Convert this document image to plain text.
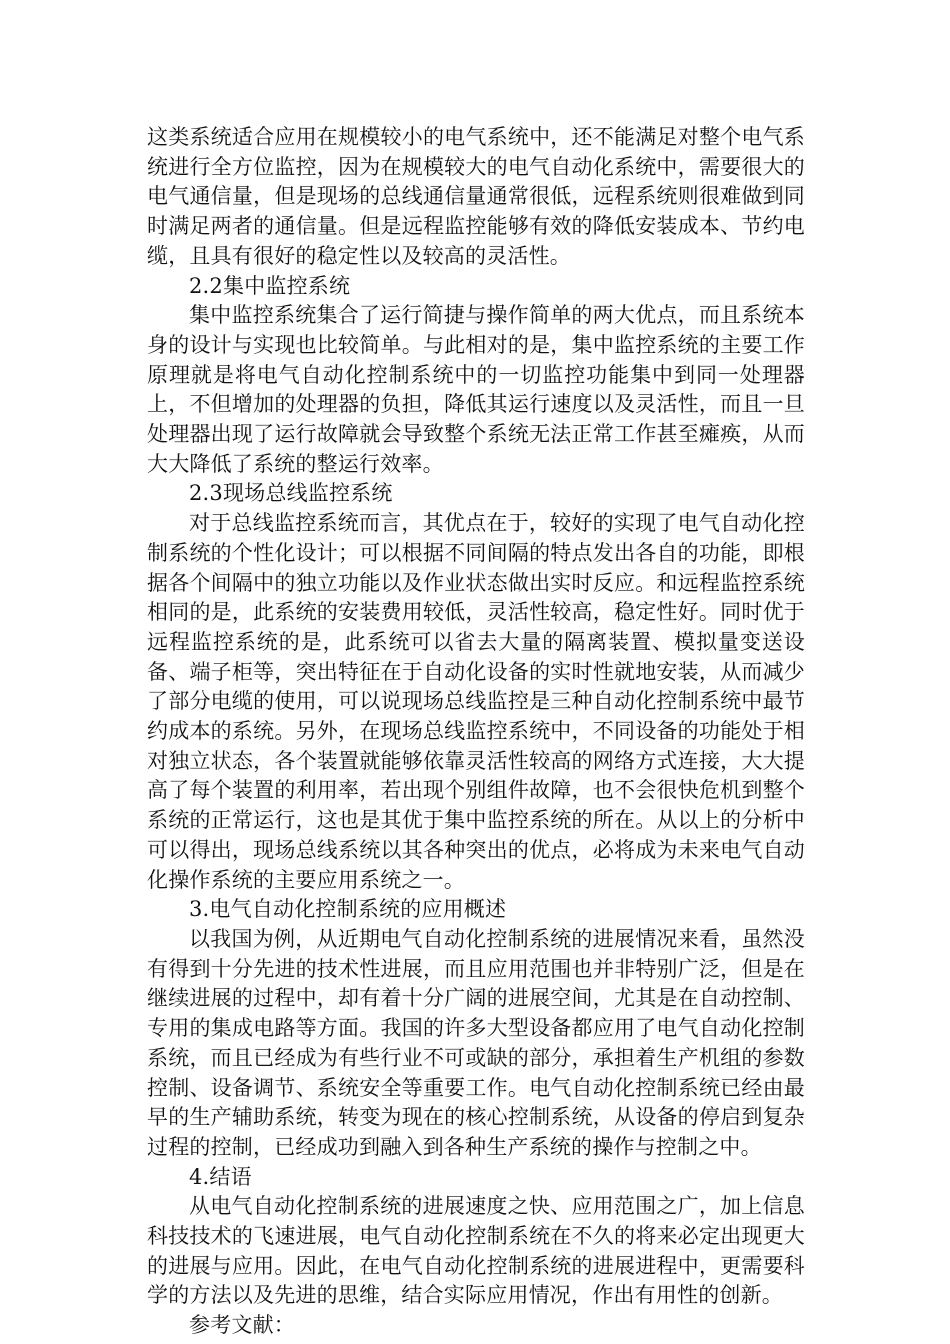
这类系统适合应用在规模较小的电气系统中，还不能满足对整个电气系统进行全方位监控，因为在规模较大的电气自动化系统中，需要很大的电气通信量，但是现场的总线通信量通常很低，远程系统则很难做到同时满足两者的通信量。但是远程监控能够有效的降低安装成本、节约电缆，且具有很好的稳定性以及较高的灵活性。

2.2集中监控系统

集中监控系统集合了运行简捷与操作简单的两大优点，而且系统本身的设计与实现也比较简单。与此相对的是，集中监控系统的主要工作原理就是将电气自动化控制系统中的一切监控功能集中到同一处理器上，不但增加的处理器的负担，降低其运行速度以及灵活性，而且一旦处理器出现了运行故障就会导致整个系统无法正常工作甚至瘫痪，从而大大降低了系统的整运行效率。

2.3现场总线监控系统

对于总线监控系统而言，其优点在于，较好的实现了电气自动化控制系统的个性化设计；可以根据不同间隔的特点发出各自的功能，即根据各个间隔中的独立功能以及作业状态做出实时反应。和远程监控系统相同的是，此系统的安装费用较低，灵活性较高，稳定性好。同时优于远程监控系统的是，此系统可以省去大量的隔离装置、模拟量变送设备、端子柜等，突出特征在于自动化设备的实时性就地安装，从而减少了部分电缆的使用，可以说现场总线监控是三种自动化控制系统中最节约成本的系统。另外，在现场总线监控系统中，不同设备的功能处于相对独立状态，各个装置就能够依靠灵活性较高的网络方式连接，大大提高了每个装置的利用率，若出现个别组件故障，也不会很快危机到整个系统的正常运行，这也是其优于集中监控系统的所在。从以上的分析中可以得出，现场总线系统以其各种突出的优点，必将成为未来电气自动化操作系统的主要应用系统之一。

3.电气自动化控制系统的应用概述

以我国为例，从近期电气自动化控制系统的进展情况来看，虽然没有得到十分先进的技术性进展，而且应用范围也并非特别广泛，但是在继续进展的过程中，却有着十分广阔的进展空间，尤其是在自动控制、专用的集成电路等方面。我国的许多大型设备都应用了电气自动化控制系统，而且已经成为有些行业不可或缺的部分，承担着生产机组的参数控制、设备调节、系统安全等重要工作。电气自动化控制系统已经由最早的生产辅助系统，转变为现在的核心控制系统，从设备的停启到复杂过程的控制，已经成功到融入到各种生产系统的操作与控制之中。

4.结语

从电气自动化控制系统的进展速度之快、应用范围之广，加上信息科技技术的飞速进展，电气自动化控制系统在不久的将来必定出现更大的进展与应用。因此，在电气自动化控制系统的进展进程中，更需要科学的方法以及先进的思维，结合实际应用情况，作出有用性的创新。

参考文献：
